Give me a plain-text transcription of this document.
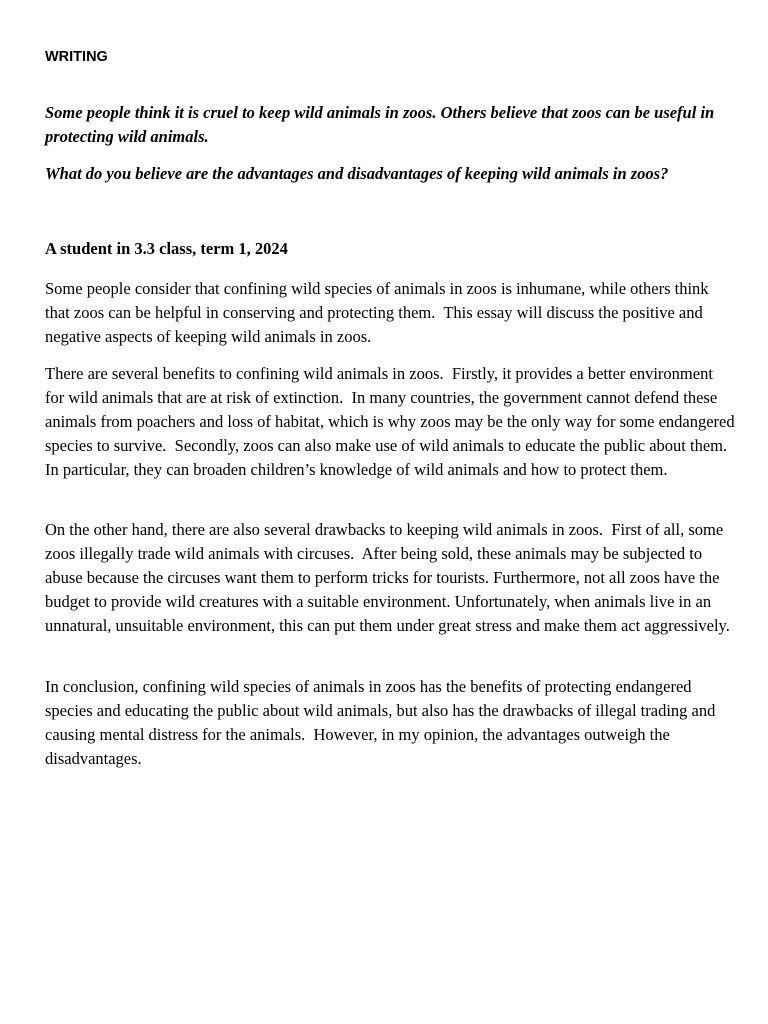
WRITING

Some people think it is cruel to keep wild animals in zoos. Others believe that zoos can be useful in protecting wild animals.

What do you believe are the advantages and disadvantages of keeping wild animals in zoos?

A student in 3.3 class, term 1, 2024

Some people consider that confining wild species of animals in zoos is inhumane, while others think that zoos can be helpful in conserving and protecting them.  This essay will discuss the positive and negative aspects of keeping wild animals in zoos.

There are several benefits to confining wild animals in zoos.  Firstly, it provides a better environment for wild animals that are at risk of extinction.  In many countries, the government cannot defend these animals from poachers and loss of habitat, which is why zoos may be the only way for some endangered species to survive.  Secondly, zoos can also make use of wild animals to educate the public about them.  In particular, they can broaden children’s knowledge of wild animals and how to protect them.

On the other hand, there are also several drawbacks to keeping wild animals in zoos.  First of all, some zoos illegally trade wild animals with circuses.  After being sold, these animals may be subjected to abuse because the circuses want them to perform tricks for tourists. Furthermore, not all zoos have the budget to provide wild creatures with a suitable environment. Unfortunately, when animals live in an unnatural, unsuitable environment, this can put them under great stress and make them act aggressively.

In conclusion, confining wild species of animals in zoos has the benefits of protecting endangered species and educating the public about wild animals, but also has the drawbacks of illegal trading and causing mental distress for the animals.  However, in my opinion, the advantages outweigh the disadvantages.
